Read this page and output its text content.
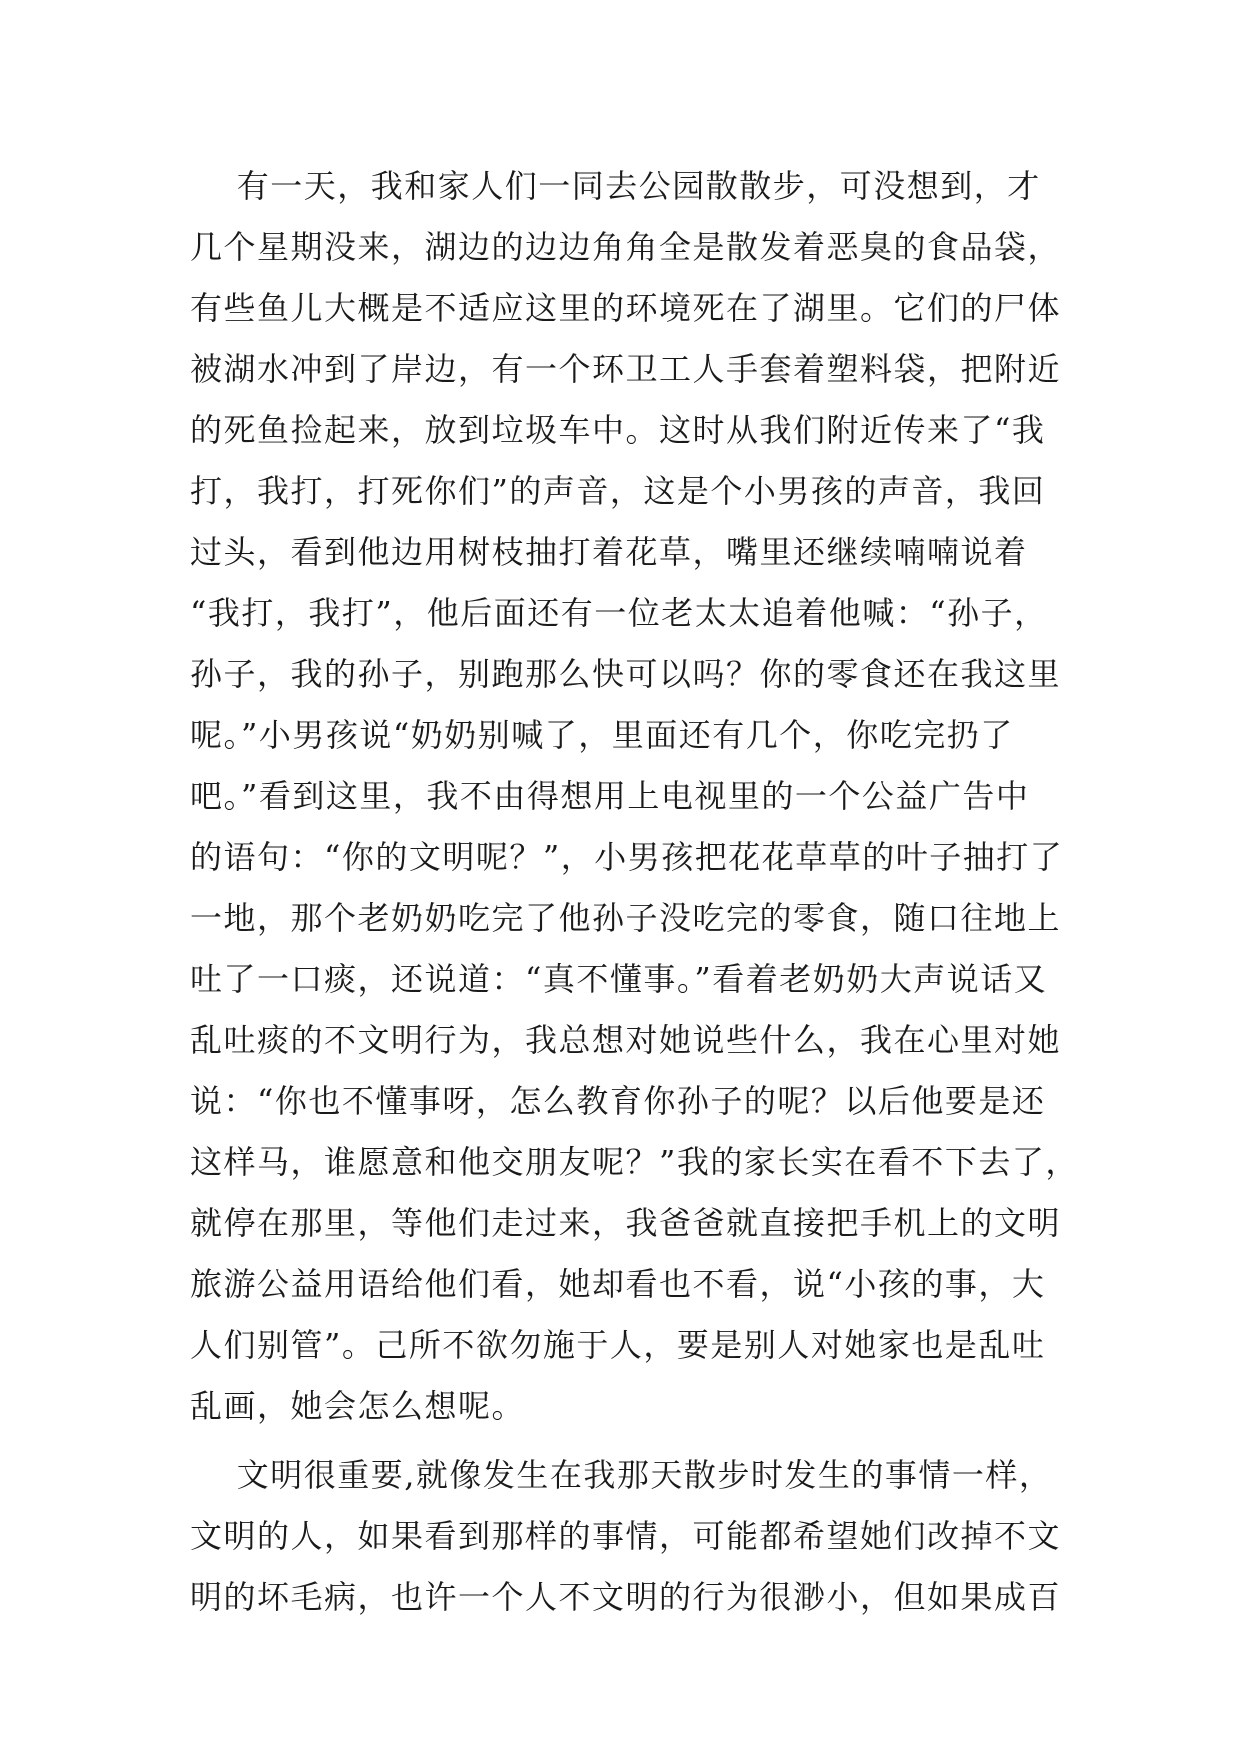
有一天，我和家人们一同去公园散散步，可没想到，才
几个星期没来，湖边的边边角角全是散发着恶臭的食品袋，
有些鱼儿大概是不适应这里的环境死在了湖里。它们的尸体
被湖水冲到了岸边，有一个环卫工人手套着塑料袋，把附近
的死鱼捡起来，放到垃圾车中。这时从我们附近传来了“我
打，我打，打死你们”的声音，这是个小男孩的声音，我回
过头，看到他边用树枝抽打着花草，嘴里还继续喃喃说着
“我打，我打”，他后面还有一位老太太追着他喊：“孙子，
孙子，我的孙子，别跑那么快可以吗？你的零食还在我这里
呢。”小男孩说“奶奶别喊了，里面还有几个，你吃完扔了
吧。”看到这里，我不由得想用上电视里的一个公益广告中
的语句：“你的文明呢？”，小男孩把花花草草的叶子抽打了
一地，那个老奶奶吃完了他孙子没吃完的零食，随口往地上
吐了一口痰，还说道：“真不懂事。”看着老奶奶大声说话又
乱吐痰的不文明行为，我总想对她说些什么，我在心里对她
说：“你也不懂事呀，怎么教育你孙子的呢？以后他要是还
这样马，谁愿意和他交朋友呢？”我的家长实在看不下去了，
就停在那里，等他们走过来，我爸爸就直接把手机上的文明
旅游公益用语给他们看，她却看也不看，说“小孩的事，大
人们别管”。己所不欲勿施于人，要是别人对她家也是乱吐
乱画，她会怎么想呢。
文明很重要,就像发生在我那天散步时发生的事情一样，
文明的人，如果看到那样的事情，可能都希望她们改掉不文
明的坏毛病，也许一个人不文明的行为很渺小，但如果成百
